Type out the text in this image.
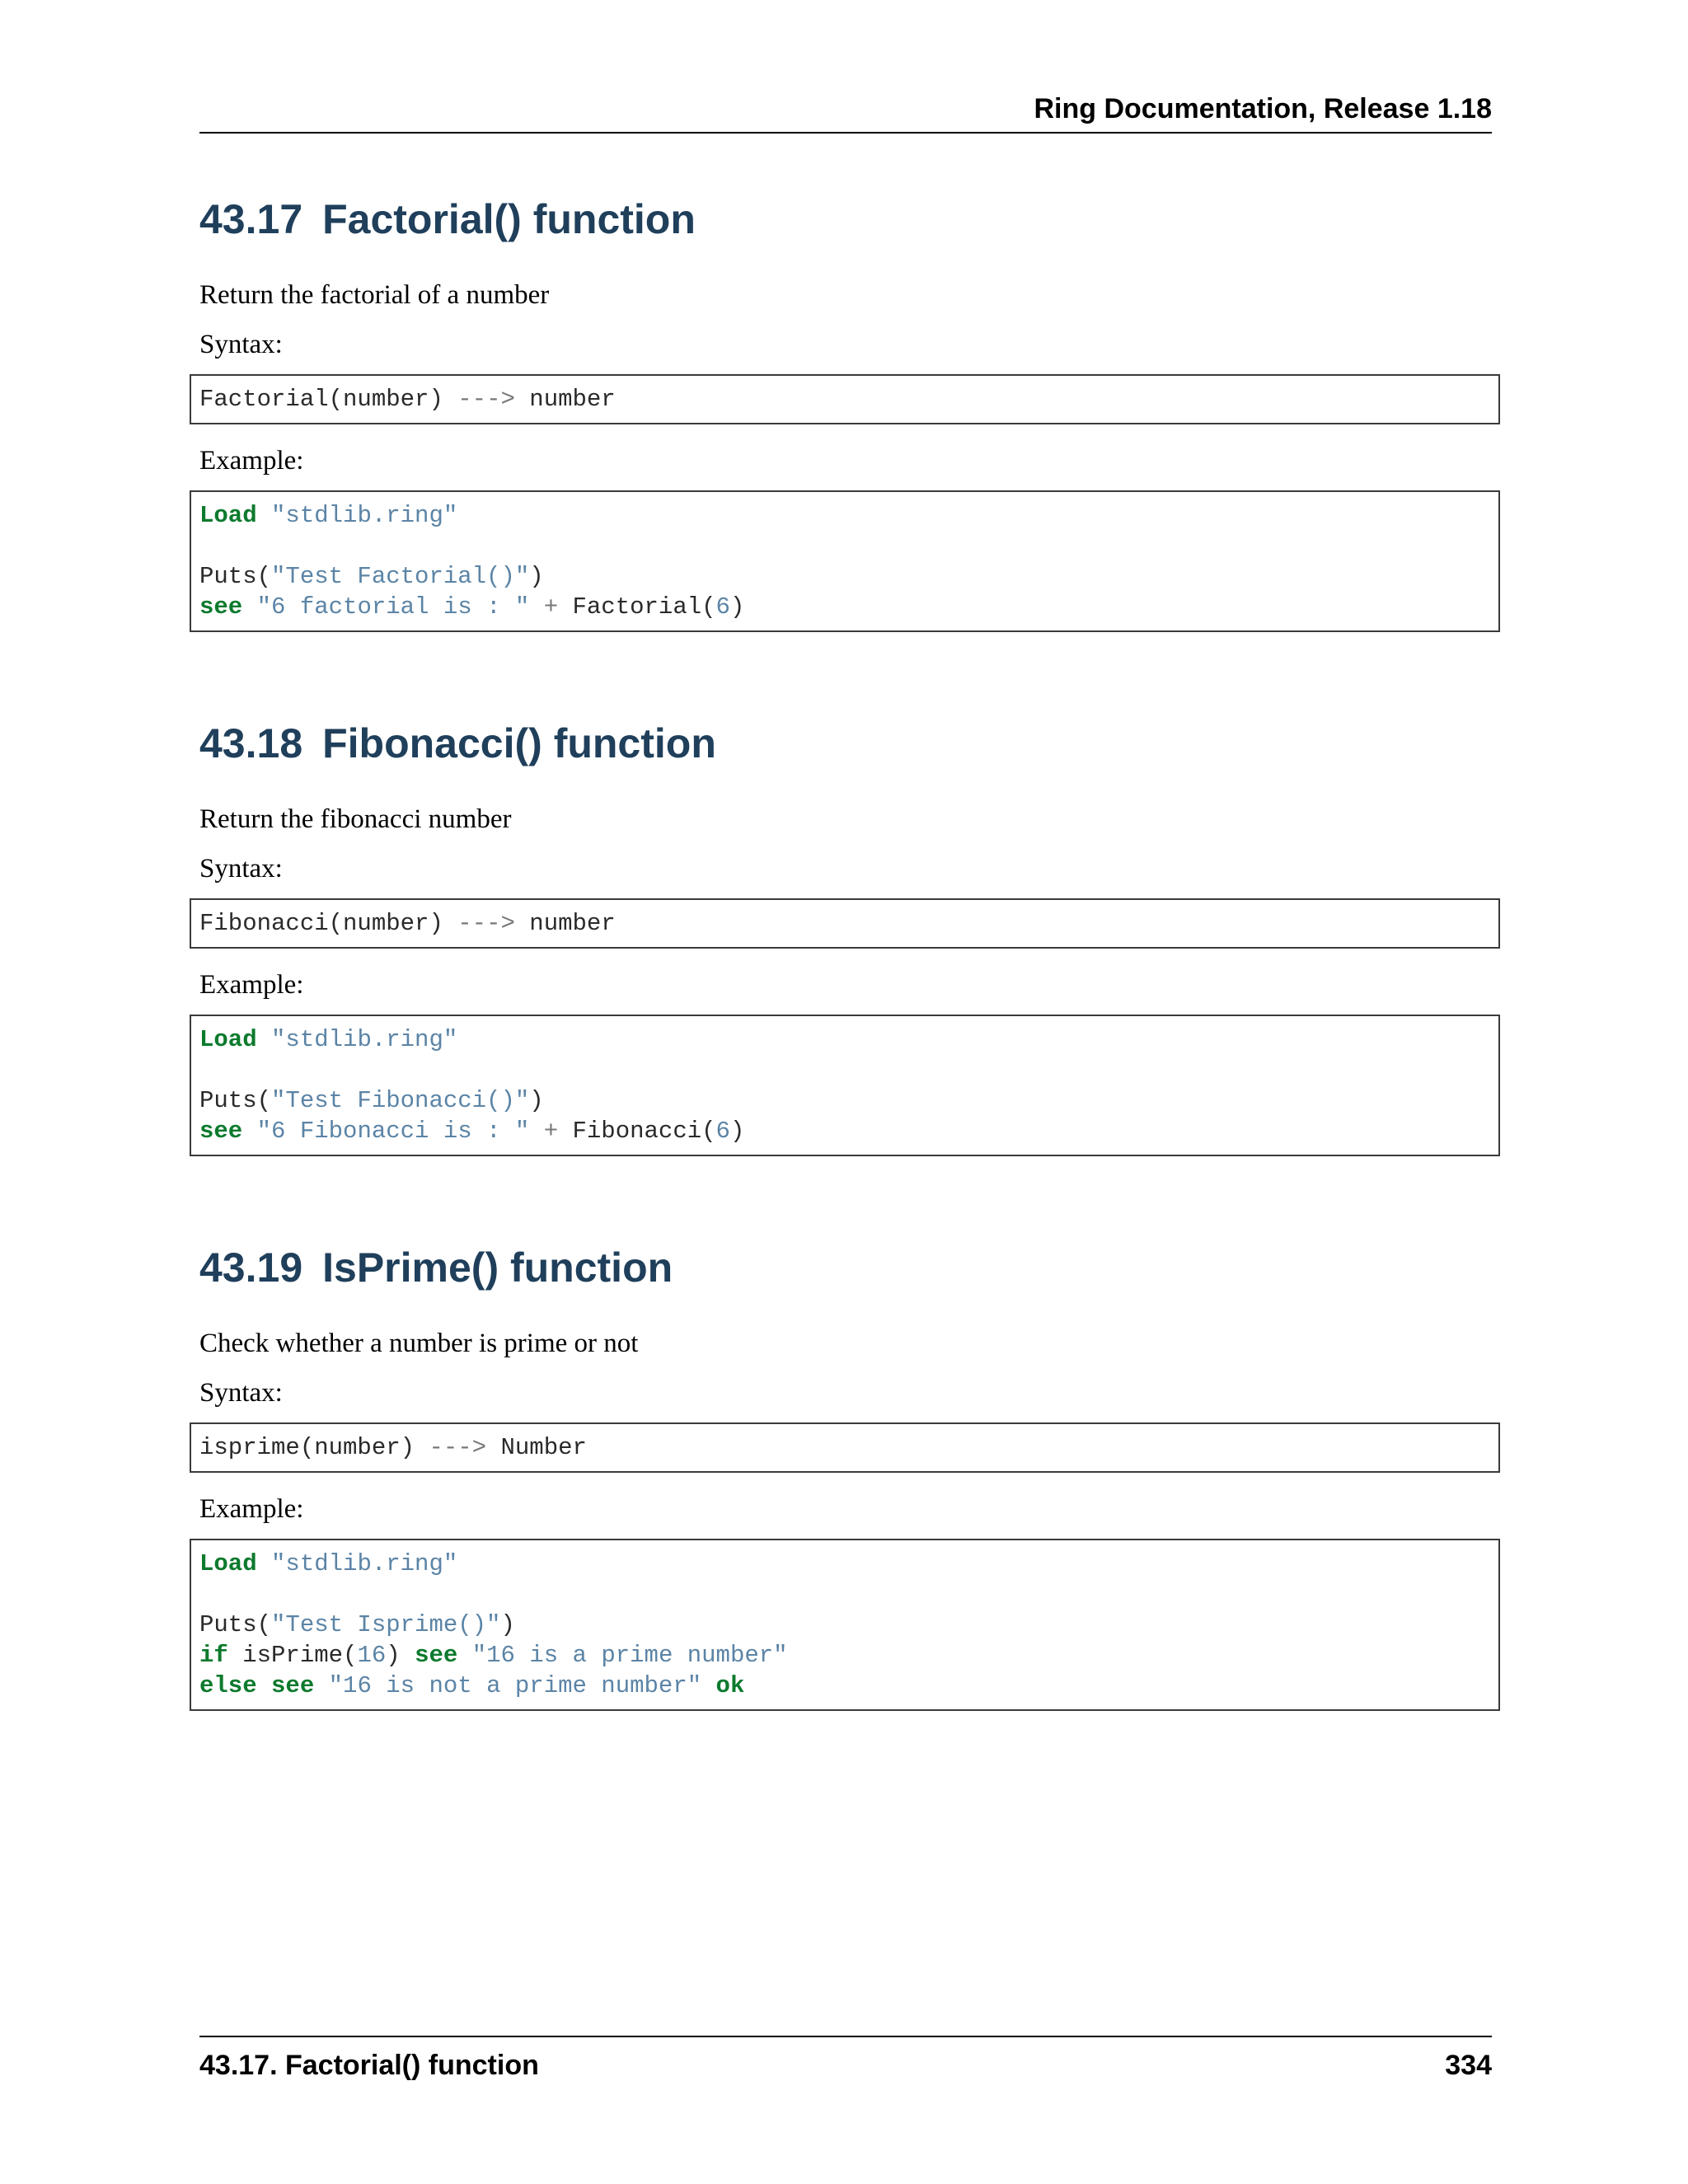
Ring Documentation, Release 1.18
43.17 Factorial() function

Return the factorial of a number

Syntax:

Factorial(number) ---> number

Example:

Load "stdlib.ring"
Puts("Test Factorial()")
see "6 factorial is : " + Factorial(6)
43.18 Fibonacci() function

Return the fibonacci number

Syntax:

Fibonacci(number) ---> number

Example:

Load "stdlib.ring"
Puts("Test Fibonacci()")
see "6 Fibonacci is : " + Fibonacci(6)
43.19 IsPrime() function

Check whether a number is prime or not

Syntax:

isprime(number) ---> Number

Example:

Load "stdlib.ring"
Puts("Test Isprime()")
if isPrime(16) see "16 is a prime number"
else see "16 is not a prime number" ok
43.17. Factorial() function	334
